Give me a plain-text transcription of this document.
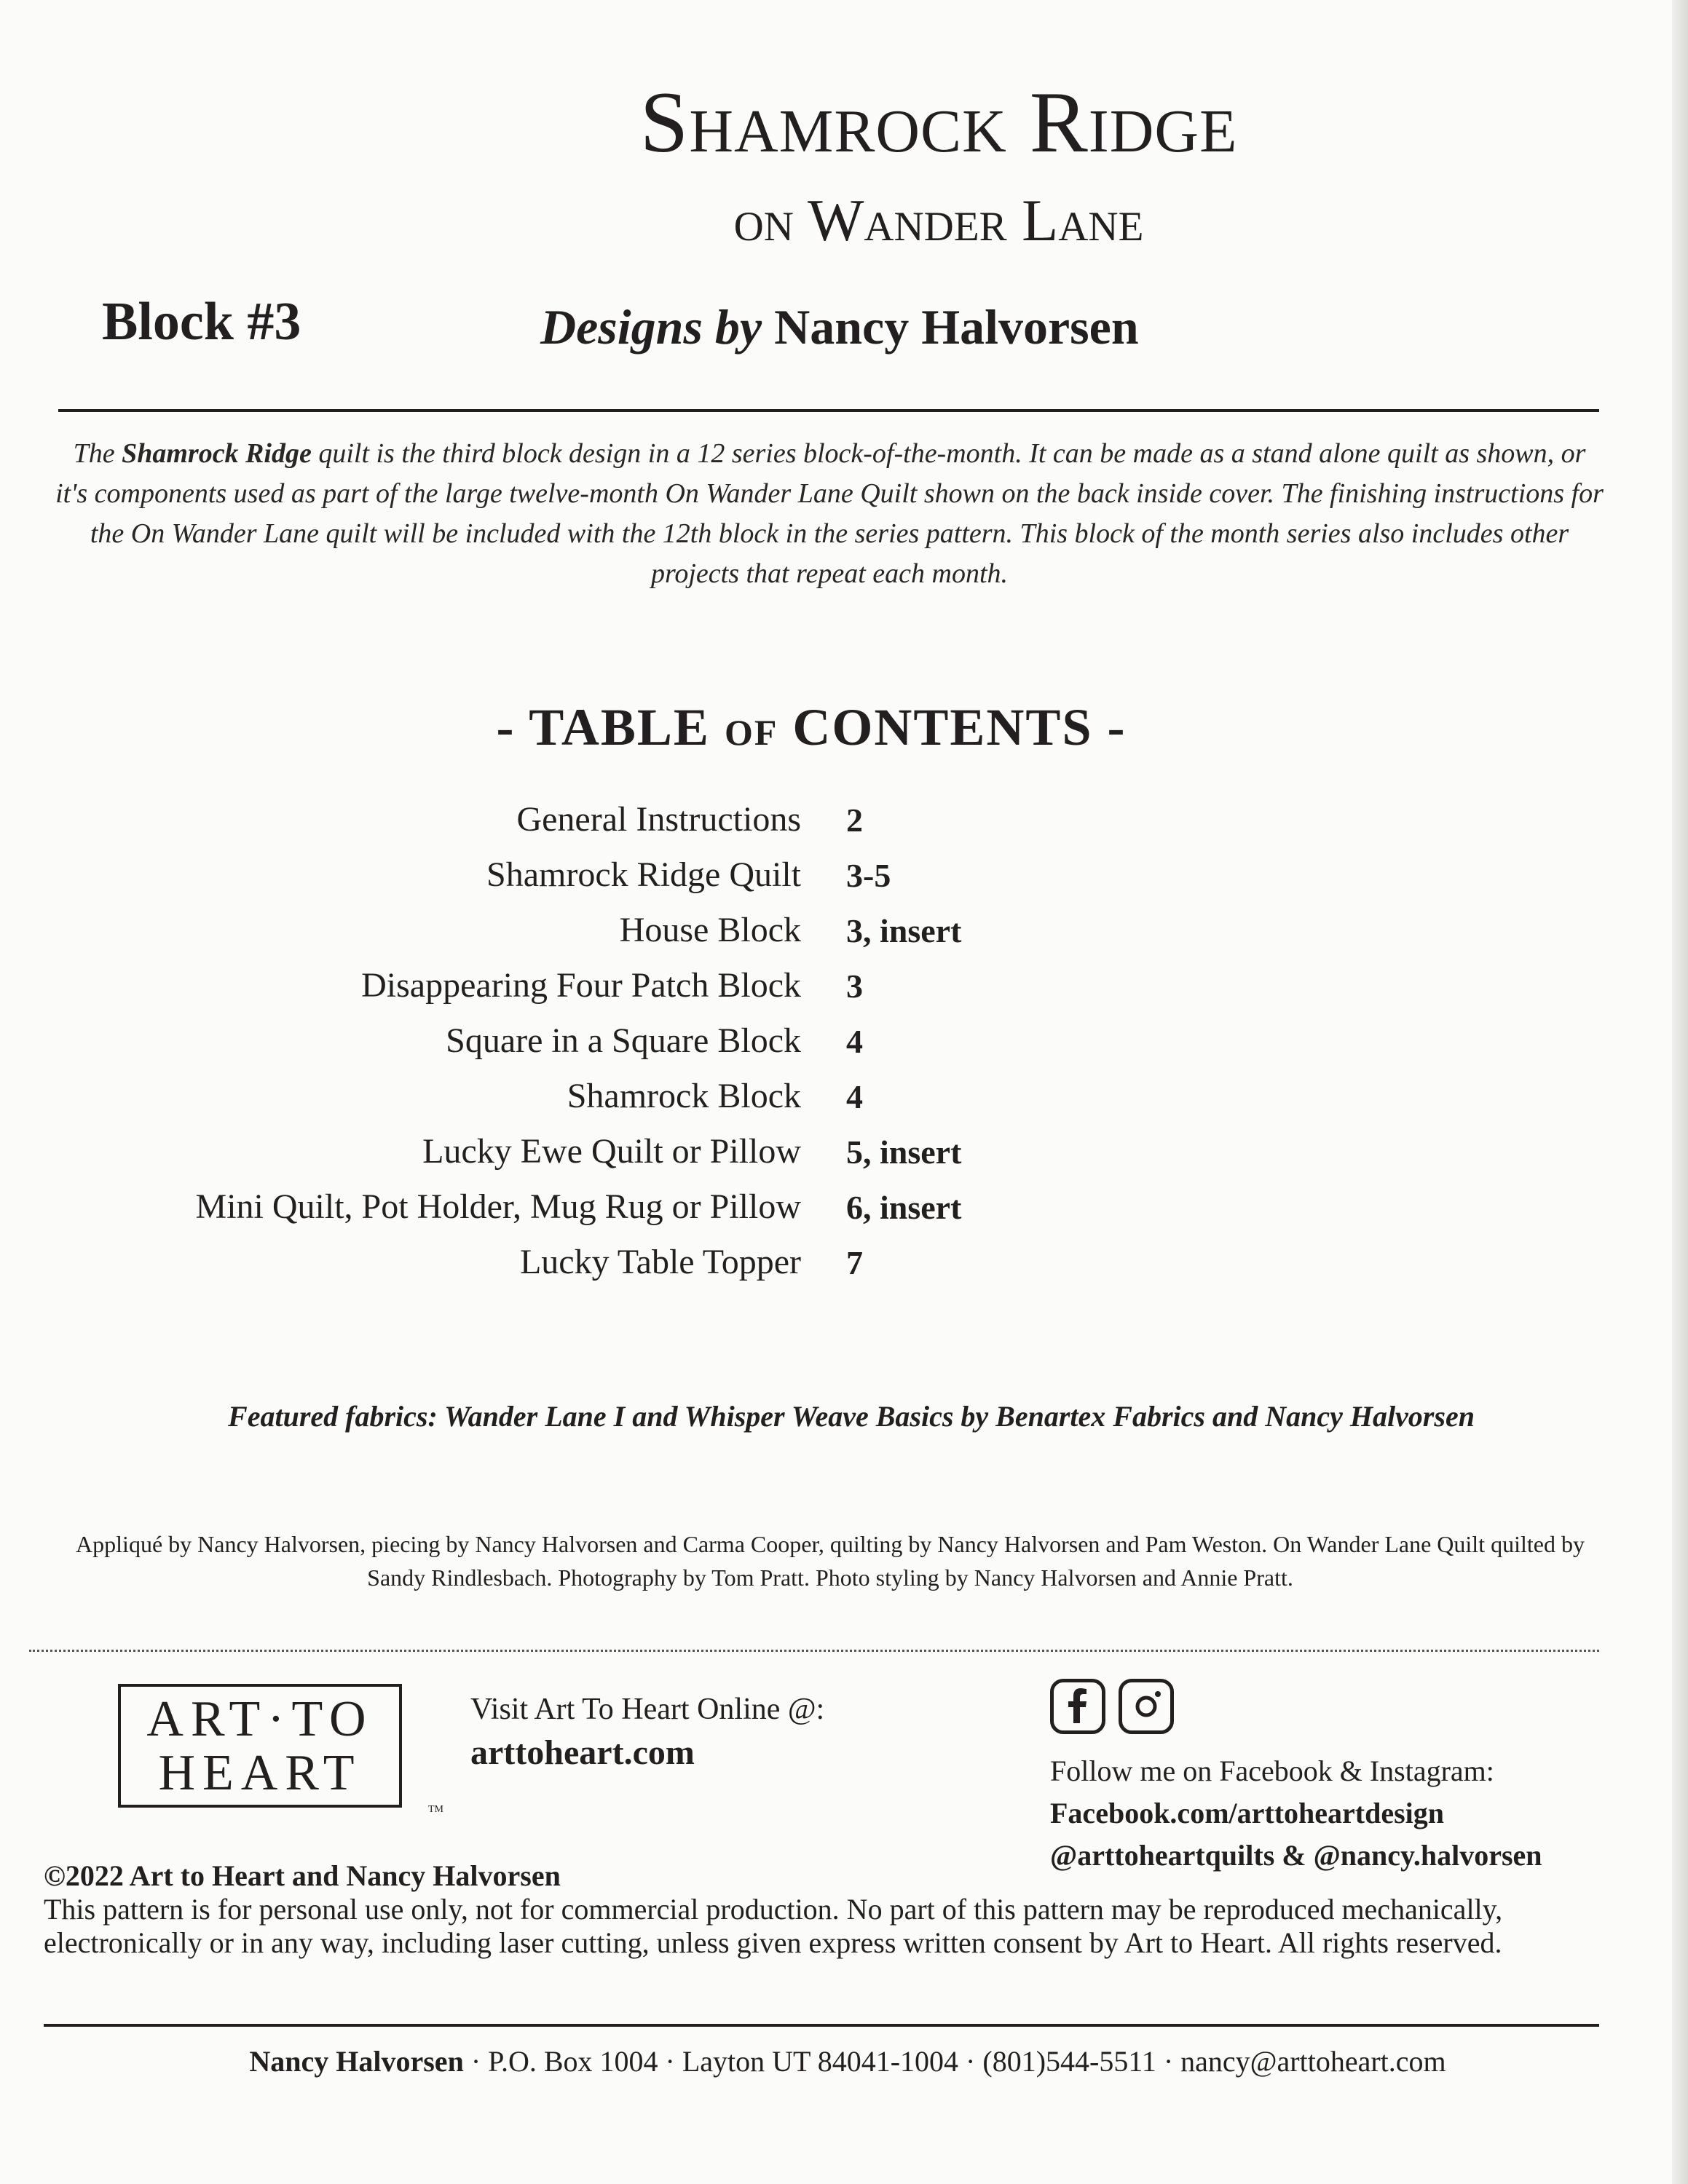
Shamrock Ridge
on Wander Lane
Block #3	Designs by Nancy Halvorsen
The Shamrock Ridge quilt is the third block design in a 12 series block-of-the-month. It can be made as a stand alone quilt as shown, or it's components used as part of the large twelve-month On Wander Lane Quilt shown on the back inside cover. The finishing instructions for the On Wander Lane quilt will be included with the 12th block in the series pattern. This block of the month series also includes other projects that repeat each month.
- TABLE of CONTENTS -
General Instructions 2
Shamrock Ridge Quilt 3-5
House Block 3, insert
Disappearing Four Patch Block 3
Square in a Square Block 4
Shamrock Block 4
Lucky Ewe Quilt or Pillow 5, insert
Mini Quilt, Pot Holder, Mug Rug or Pillow 6, insert
Lucky Table Topper 7
Featured fabrics: Wander Lane I and Whisper Weave Basics by Benartex Fabrics and Nancy Halvorsen
Appliqué by Nancy Halvorsen, piecing by Nancy Halvorsen and Carma Cooper, quilting by Nancy Halvorsen and Pam Weston. On Wander Lane Quilt quilted by Sandy Rindlesbach. Photography by Tom Pratt. Photo styling by Nancy Halvorsen and Annie Pratt.
ART·TO
HEART
TM
Visit Art To Heart Online @:
arttoheart.com
	Follow me on Facebook & Instagram:
Facebook.com/arttoheartdesign
@arttoheartquilts & @nancy.halvorsen
©2022 Art to Heart and Nancy Halvorsen
This pattern is for personal use only, not for commercial production. No part of this pattern may be reproduced mechanically, electronically or in any way, including laser cutting, unless given express written consent by Art to Heart. All rights reserved.
Nancy Halvorsen · P.O. Box 1004 · Layton UT 84041-1004 · (801)544-5511 · nancy@arttoheart.com
